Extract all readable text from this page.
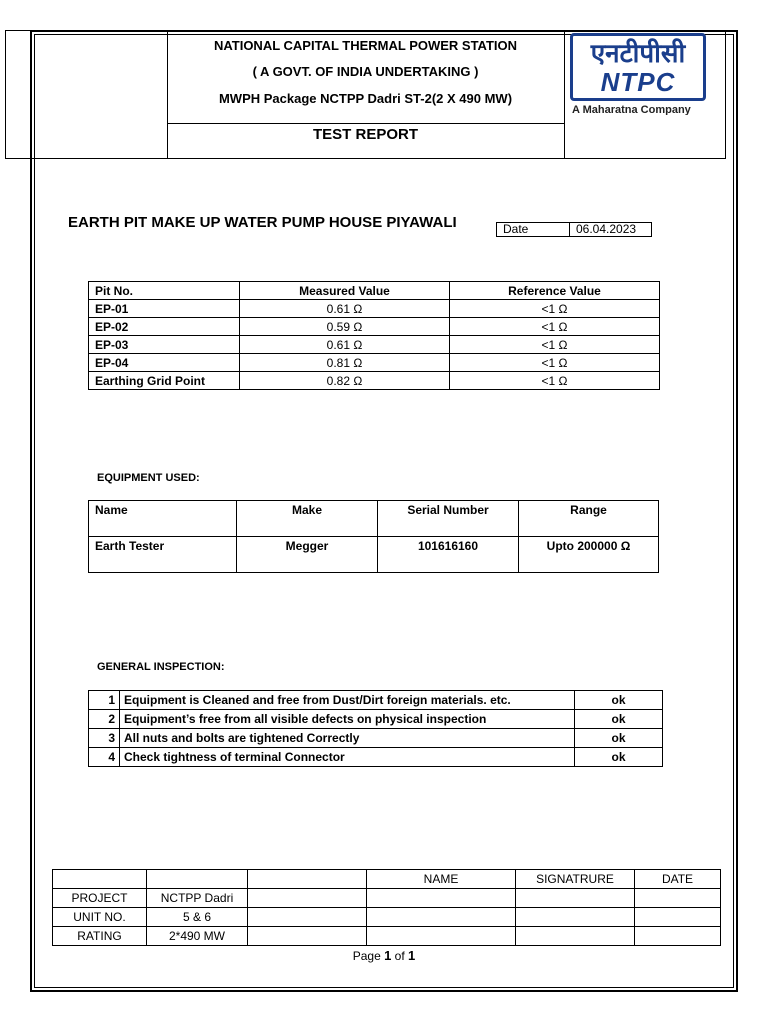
NATIONAL CAPITAL THERMAL POWER STATION
( A GOVT. OF INDIA UNDERTAKING )
MWPH Package NCTPP Dadri ST-2(2 X 490 MW)
TEST REPORT
एनटीपीसी
NTPC
A Maharatna Company
EARTH PIT MAKE UP WATER PUMP HOUSE PIYAWALI	Date	06.04.2023
Pit No.	Measured Value	Reference Value
EP-01	0.61 Ω	<1 Ω
EP-02	0.59 Ω	<1 Ω
EP-03	0.61 Ω	<1 Ω
EP-04	0.81 Ω	<1 Ω
Earthing Grid Point	0.82 Ω	<1 Ω
EQUIPMENT USED:
Name	Make	Serial Number	Range
Earth Tester	Megger	101616160	Upto 200000 Ω
GENERAL INSPECTION:
1	Equipment is Cleaned and free from Dust/Dirt foreign materials. etc.	ok
2	Equipment’s free from all visible defects on physical inspection	ok
3	All nuts and bolts are tightened Correctly	ok
4	Check tightness of terminal Connector	ok
			NAME	SIGNATRURE	DATE
PROJECT	NCTPP Dadri				
UNIT NO.	5 & 6				
RATING	2*490 MW				
Page 1 of 1
